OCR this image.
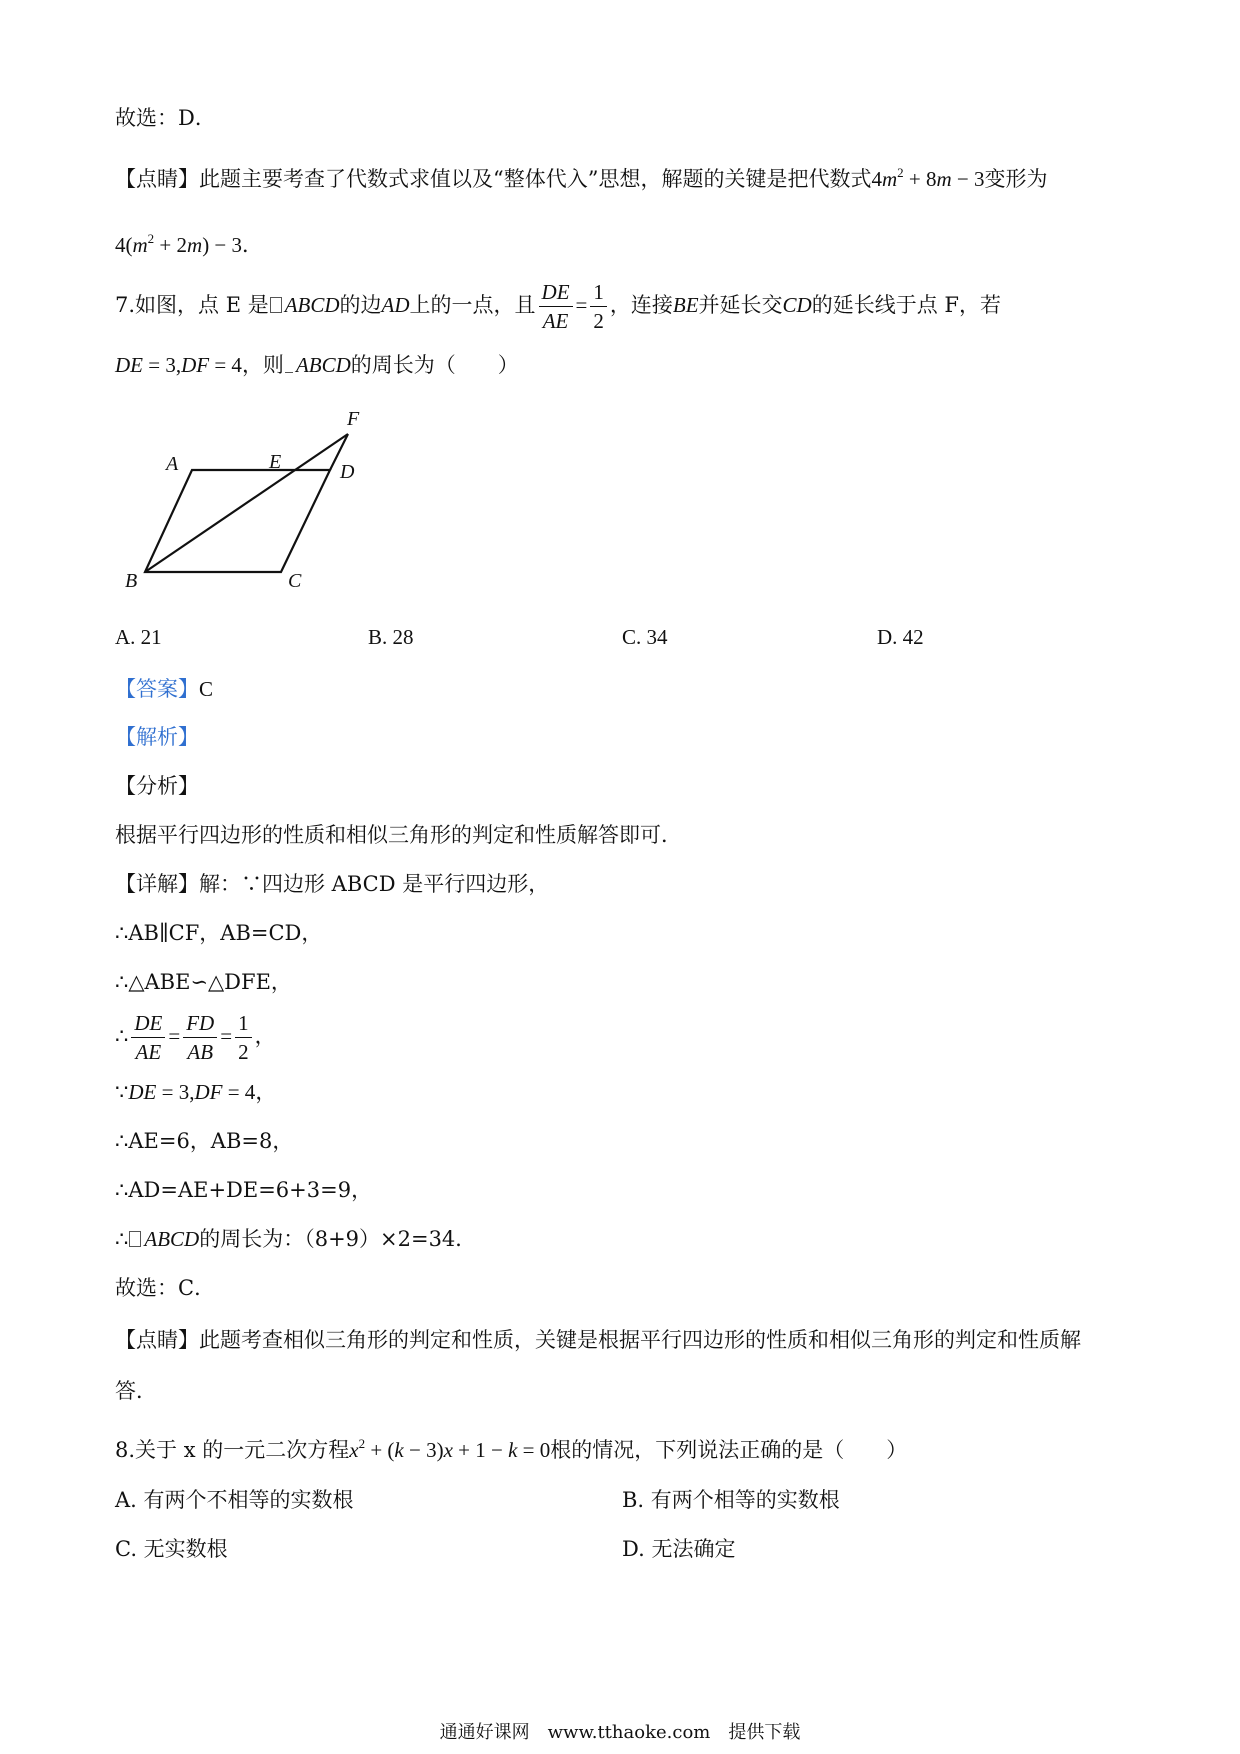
故选：D．
【点睛】此题主要考查了代数式求值以及“整体代入”思想，解题的关键是把代数式$4m^2 + 8m - 3$变形为
$4(m^2 + 2m) - 3$．
7.如图，点 E 是 ABCD的边AD上的一点，且 $\frac{DE}{AE} = \frac{1}{2}$ ，连接BE并延长交CD的延长线于点 F，若
DE = 3,DF = 4，则 ABCD的周长为（　　）
A	E	D
F
B	C
A. 21	B. 28	C. 34	D. 42
【答案】C
【解析】
【分析】
根据平行四边形的性质和相似三角形的判定和性质解答即可．
【详解】解：∵四边形 ABCD 是平行四边形，
∴AB∥CF，AB=CD，
∴△ABE∽△DFE，
∴ $\frac{DE}{AE} = \frac{FD}{AB} = \frac{1}{2}$ ，
∵DE = 3,DF = 4，
∴AE=6，AB=8，
∴AD=AE+DE=6+3=9，
∴ ABCD的周长为：（8+9）×2=34．
故选：C．
【点睛】此题考查相似三角形的判定和性质，关键是根据平行四边形的性质和相似三角形的判定和性质解
答．
8.关于 x 的一元二次方程$x^2 + (k - 3)x + 1 - k = 0$根的情况，下列说法正确的是（　　）
A. 有两个不相等的实数根	B. 有两个相等的实数根
C. 无实数根	D. 无法确定
通通好课网　www.tthaoke.com　提供下载
